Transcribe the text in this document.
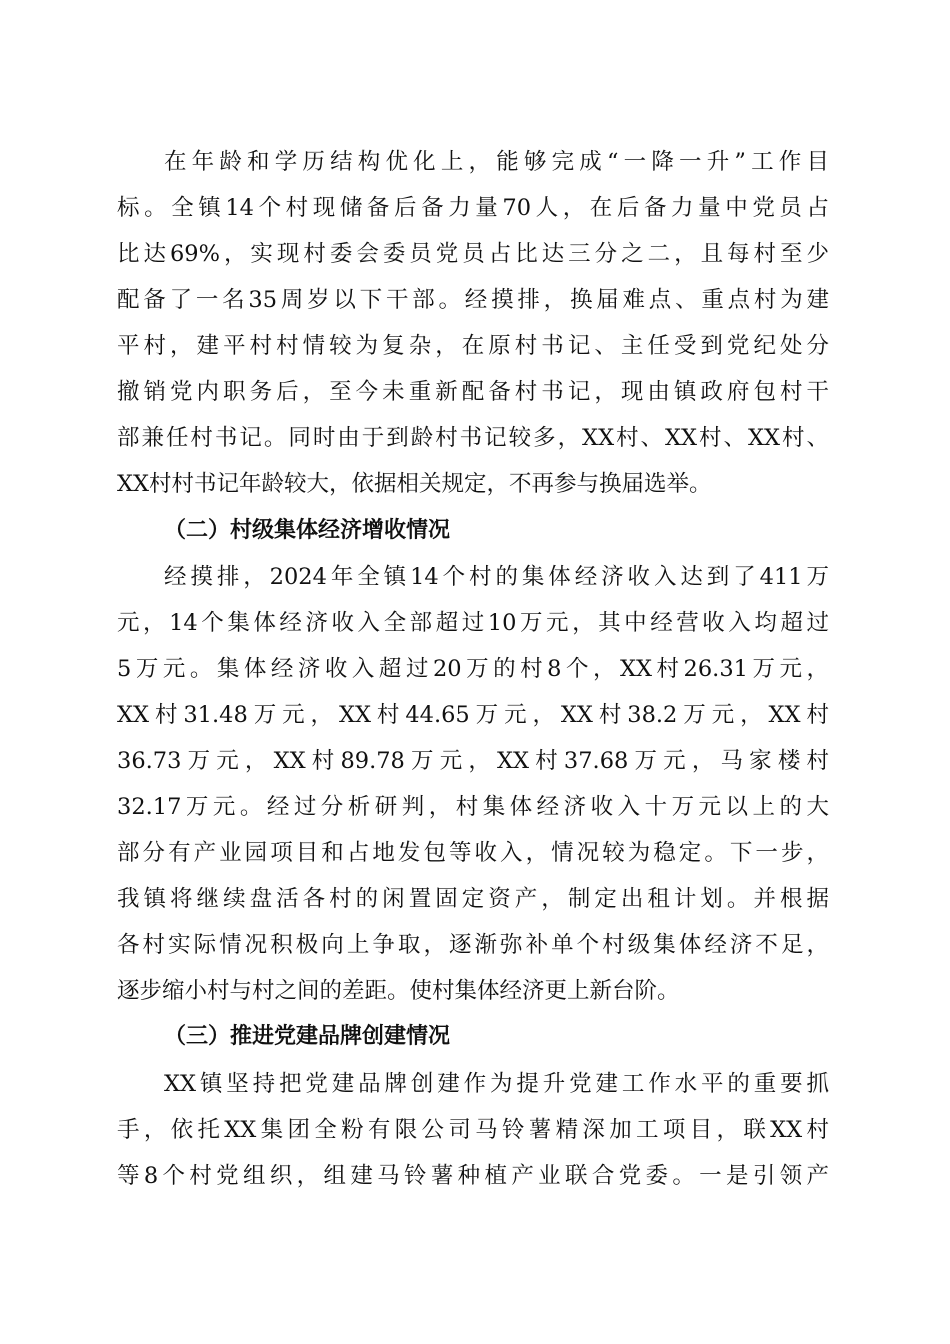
在年龄和学历结构优化上，能够完成“一降一升”工作目
标。全镇14个村现储备后备力量70人，在后备力量中党员占
比达69%，实现村委会委员党员占比达三分之二，且每村至少
配备了一名35周岁以下干部。经摸排，换届难点、重点村为建
平村，建平村村情较为复杂，在原村书记、主任受到党纪处分
撤销党内职务后，至今未重新配备村书记，现由镇政府包村干
部兼任村书记。同时由于到龄村书记较多，XX村、XX村、XX村、
XX村村书记年龄较大，依据相关规定，不再参与换届选举。
（二）村级集体经济增收情况
经摸排，2024年全镇14个村的集体经济收入达到了411万
元，14个集体经济收入全部超过10万元，其中经营收入均超过
5万元。集体经济收入超过20万的村8个，XX村26.31万元，
XX村31.48万元，XX村44.65万元，XX村38.2万元，XX村
36.73万元，XX村89.78万元，XX村37.68万元，马家楼村
32.17万元。经过分析研判，村集体经济收入十万元以上的大
部分有产业园项目和占地发包等收入，情况较为稳定。下一步，
我镇将继续盘活各村的闲置固定资产，制定出租计划。并根据
各村实际情况积极向上争取，逐渐弥补单个村级集体经济不足，
逐步缩小村与村之间的差距。使村集体经济更上新台阶。
（三）推进党建品牌创建情况
XX镇坚持把党建品牌创建作为提升党建工作水平的重要抓
手，依托XX集团全粉有限公司马铃薯精深加工项目，联XX村
等8个村党组织，组建马铃薯种植产业联合党委。一是引领产
